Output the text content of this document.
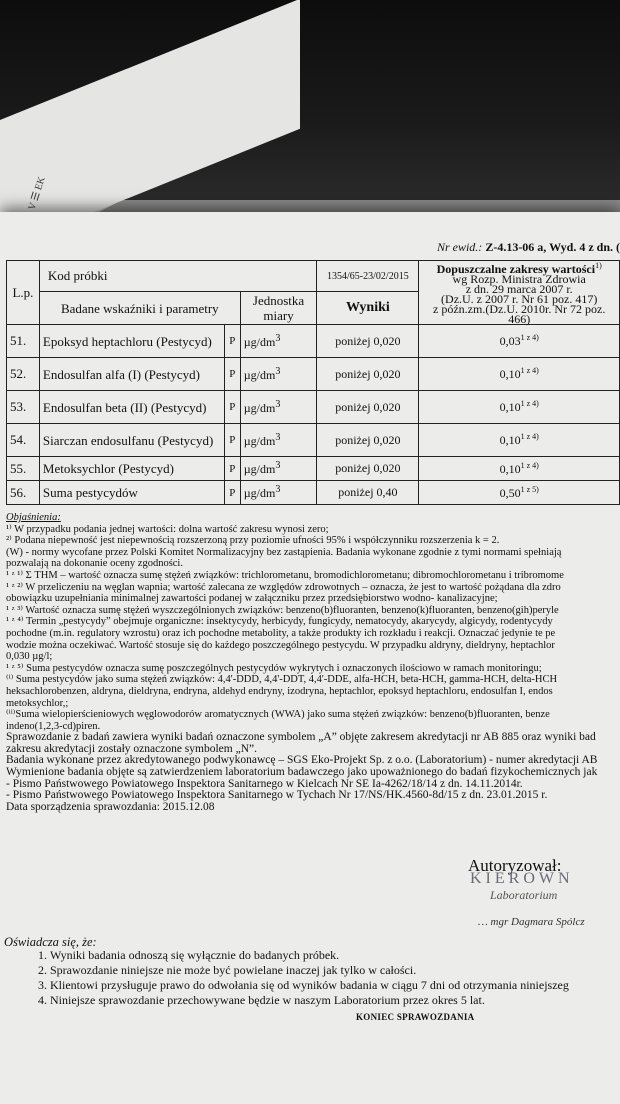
V ☰ EK
Nr ewid.: Z-4.13-06 a, Wyd. 4 z dn. (
L.p.	Kod próbki			1354/65-23/02/2015	Dopuszczalne zakresy wartości$^{1)}$
wg Rozp. Ministra Zdrowia
z dn. 29 marca 2007 r.
(Dz.U. z 2007 r. Nr 61 poz. 417)
z późn.zm.(Dz.U. 2010r. Nr 72 poz. 466)

	Badane wskaźniki i parametry		Jednostka miary	Wyniki	
51.	Epoksyd heptachloru (Pestycyd)	P	$\mu g/dm^3$	poniżej 0,020	$0,03^{1 z 4)}$
52.	Endosulfan alfa (I) (Pestycyd)	P	$\mu g/dm^3$	poniżej 0,020	$0,10^{1 z 4)}$
53.	Endosulfan beta (II) (Pestycyd)	P	$\mu g/dm^3$	poniżej 0,020	$0,10^{1 z 4)}$
54.	Siarczan endosulfanu (Pestycyd)	P	$\mu g/dm^3$	poniżej 0,020	$0,10^{1 z 4)}$
55.	Metoksychlor (Pestycyd)	P	$\mu g/dm^3$	poniżej 0,020	$0,10^{1 z 4)}$
56.	Suma pestycydów	P	$\mu g/dm^3$	poniżej 0,40	$0,50^{1 z 5)}$
Objaśnienia:
¹⁾ W przypadku podania jednej wartości: dolna wartość zakresu wynosi zero;
²⁾ Podana niepewność jest niepewnością rozszerzoną przy poziomie ufności 95% i współczynniku rozszerzenia k = 2.
(W) - normy wycofane przez Polski Komitet Normalizacyjny bez zastąpienia. Badania wykonane zgodnie z tymi normami spełniają
pozwalają na dokonanie oceny zgodności.
¹ ᶻ ¹⁾ Σ THM – wartość oznacza sumę stężeń związków: trichlorometanu, bromodichlorometanu; dibromochlorometanu i tribromome
¹ ᶻ ²⁾ W przeliczeniu na węglan wapnia; wartość zalecana ze względów zdrowotnych – oznacza, że jest to wartość pożądana dla zdro
obowiązku uzupełniania minimalnej zawartości podanej w załączniku przez przedsiębiorstwo wodno- kanalizacyjne;
¹ ᶻ ³⁾ Wartość oznacza sumę stężeń wyszczególnionych związków: benzeno(b)fluoranten, benzeno(k)fluoranten, benzeno(gih)peryle
¹ ᶻ ⁴⁾ Termin „pestycydy” obejmuje organiczne: insektycydy, herbicydy, fungicydy, nematocydy, akarycydy, algicydy, rodentycydy
pochodne (m.in. regulatory wzrostu) oraz ich pochodne metabolity, a także produkty ich rozkładu i reakcji. Oznaczać jedynie te pe
wodzie można oczekiwać. Wartość stosuje się do każdego poszczególnego pestycydu. W przypadku aldryny, dieldryny, heptachlor
0,030 µg/l;
¹ ᶻ ⁵⁾ Suma pestycydów oznacza sumę poszczególnych pestycydów wykrytych i oznaczonych ilościowo w ramach monitoringu;
⁽ⁱ⁾ Suma pestycydów jako suma stężeń związków: 4,4'-DDD, 4,4'-DDT, 4,4'-DDE, alfa-HCH, beta-HCH, gamma-HCH, delta-HCH
heksachlorobenzen, aldryna, dieldryna, endryna, aldehyd endryny, izodryna, heptachlor, epoksyd heptachloru, endosulfan I, endos
metoksychlor,;
⁽ⁱⁱ⁾Suma wielopierścieniowych węglowodorów aromatycznych (WWA) jako suma stężeń związków: benzeno(b)fluoranten, benze
indeno(1,2,3-cd)piren.
Sprawozdanie z badań zawiera wyniki badań oznaczone symbolem „A” objęte zakresem akredytacji nr AB 885 oraz wyniki bad
zakresu akredytacji zostały oznaczone symbolem „N”.
Badania wykonane przez akredytowanego podwykonawcę – SGS Eko-Projekt Sp. z o.o. (Laboratorium) - numer akredytacji AB
Wymienione badania objęte są zatwierdzeniem laboratorium badawczego jako upoważnionego do badań fizykochemicznych jak
- Pismo Państwowego Powiatowego Inspektora Sanitarnego w Kielcach Nr SE Ia-4262/18/14 z dn. 14.11.2014r.
- Pismo Państwowego Powiatowego Inspektora Sanitarnego w Tychach Nr 17/NS/HK.4560-8d/15 z dn. 23.01.2015 r.
Data sporządzenia sprawozdania: 2015.12.08
Autoryzował:
KIEROWN
Laboratorium
… mgr Dagmara Spólcz
Oświadcza się, że:
1. Wyniki badania odnoszą się wyłącznie do badanych próbek.
2. Sprawozdanie niniejsze nie może być powielane inaczej jak tylko w całości.
3. Klientowi przysługuje prawo do odwołania się od wyników badania w ciągu 7 dni od otrzymania niniejszeg
4. Niniejsze sprawozdanie przechowywane będzie w naszym Laboratorium przez okres 5 lat.
KONIEC SPRAWOZDANIA
